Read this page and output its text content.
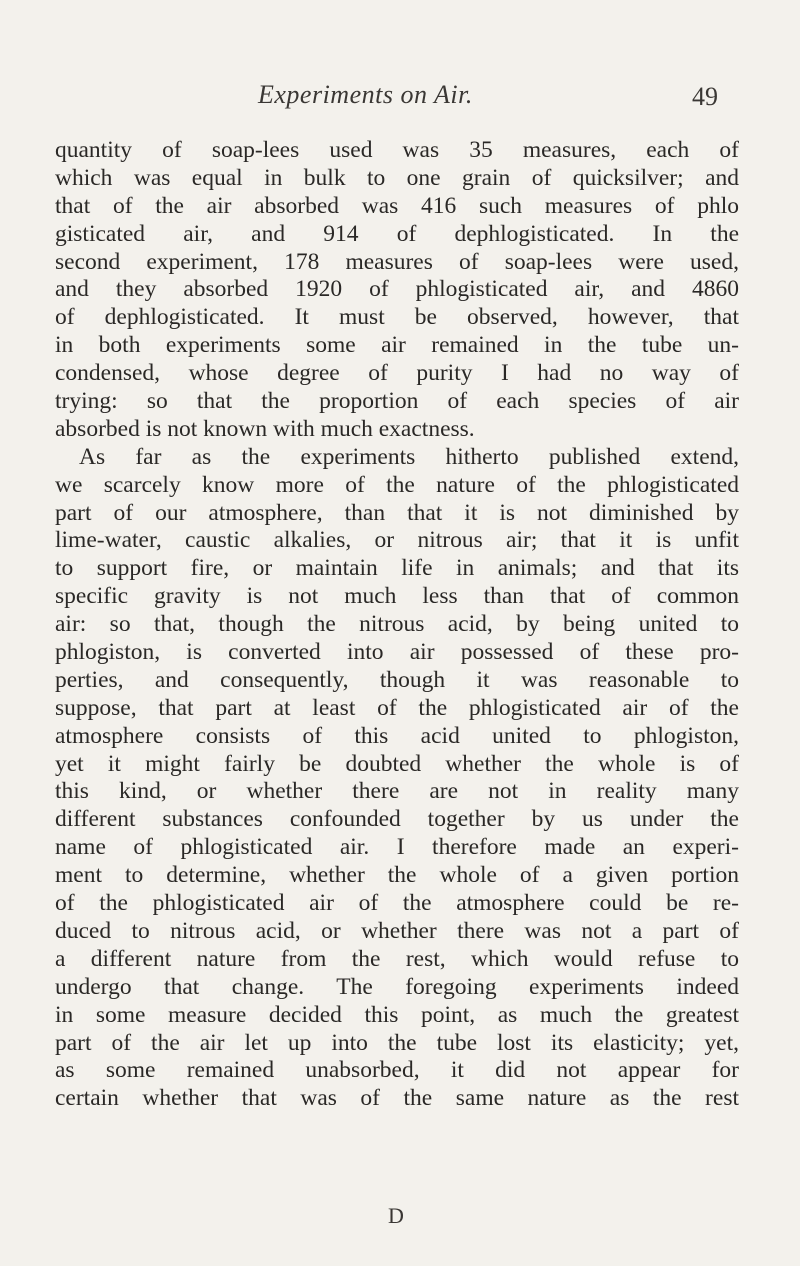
Experiments on Air.	49
quantity of soap-lees used was 35 measures, each of
which was equal in bulk to one grain of quicksilver; and
that of the air absorbed was 416 such measures of phlo
gisticated air, and 914 of dephlogisticated. In the
second experiment, 178 measures of soap-lees were used,
and they absorbed 1920 of phlogisticated air, and 4860
of dephlogisticated. It must be observed, however, that
in both experiments some air remained in the tube un-
condensed, whose degree of purity I had no way of
trying: so that the proportion of each species of air
absorbed is not known with much exactness.
As far as the experiments hitherto published extend,
we scarcely know more of the nature of the phlogisticated
part of our atmosphere, than that it is not diminished by
lime-water, caustic alkalies, or nitrous air; that it is unfit
to support fire, or maintain life in animals; and that its
specific gravity is not much less than that of common
air: so that, though the nitrous acid, by being united to
phlogiston, is converted into air possessed of these pro-
perties, and consequently, though it was reasonable to
suppose, that part at least of the phlogisticated air of the
atmosphere consists of this acid united to phlogiston,
yet it might fairly be doubted whether the whole is of
this kind, or whether there are not in reality many
different substances confounded together by us under the
name of phlogisticated air. I therefore made an experi-
ment to determine, whether the whole of a given portion
of the phlogisticated air of the atmosphere could be re-
duced to nitrous acid, or whether there was not a part of
a different nature from the rest, which would refuse to
undergo that change. The foregoing experiments indeed
in some measure decided this point, as much the greatest
part of the air let up into the tube lost its elasticity; yet,
as some remained unabsorbed, it did not appear for
certain whether that was of the same nature as the rest
D
